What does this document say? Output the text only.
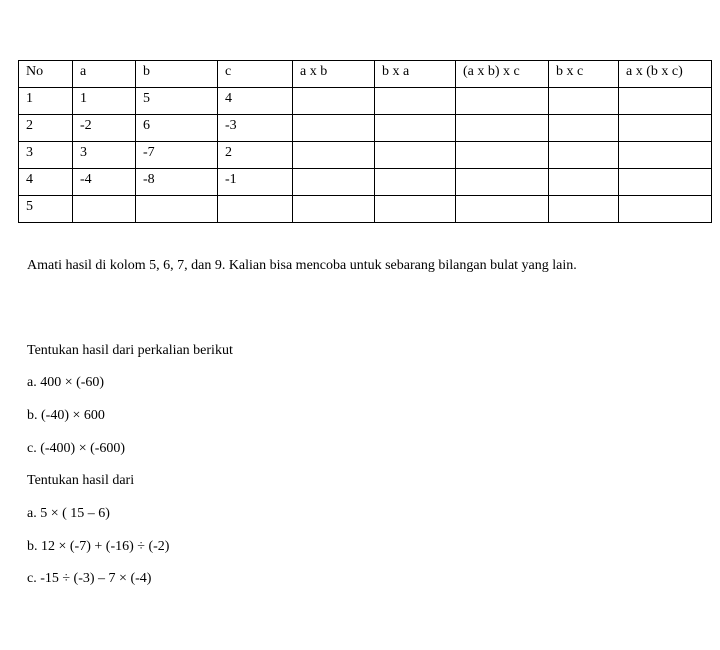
No	a	b	c	a x b	b x a	(a x b) x c	b x c	a x (b x c)
1	1	5	4					
2	-2	6	-3					
3	3	-7	2					
4	-4	-8	-1					
5								
Amati hasil di kolom 5, 6, 7, dan 9. Kalian bisa mencoba untuk sebarang bilangan bulat yang lain.
Tentukan hasil dari perkalian berikut
a. 400 × (-60)
b. (-40) × 600
c. (-400) × (-600)
Tentukan hasil dari
a. 5 × ( 15 – 6)
b. 12 × (-7) + (-16) ÷ (-2)
c. -15 ÷ (-3) – 7 × (-4)
